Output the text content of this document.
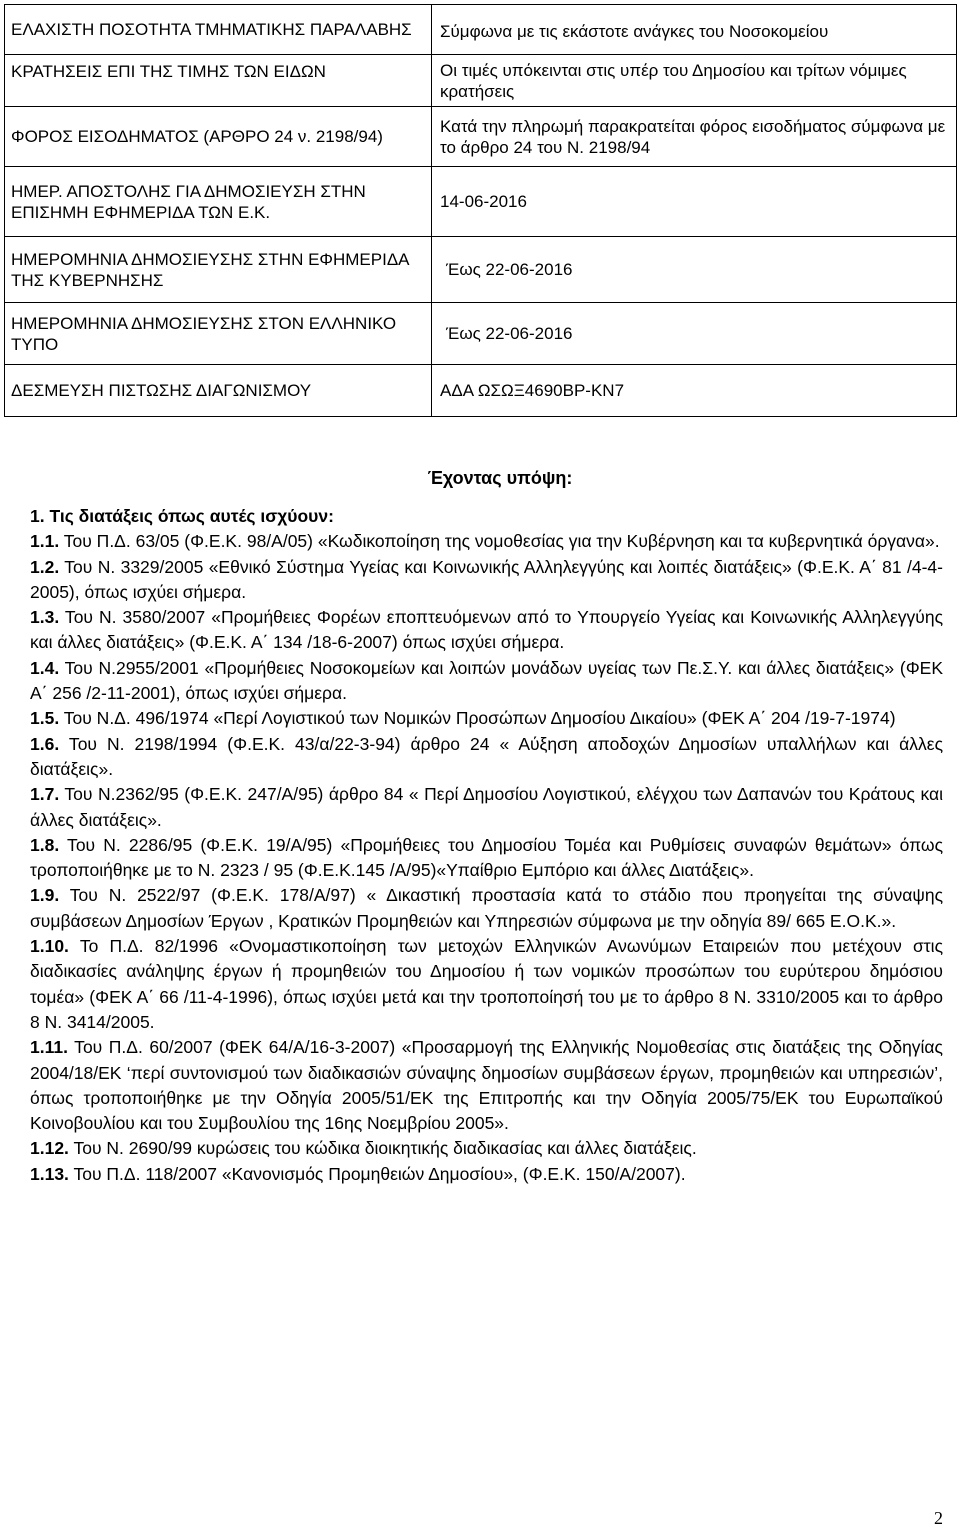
ΕΛΑΧΙΣΤΗ ΠΟΣΟΤΗΤΑ ΤΜΗΜΑΤΙΚΗΣ ΠΑΡΑΛΑΒΗΣ	Σύμφωνα με τις εκάστοτε ανάγκες του Νοσοκομείου
ΚΡΑΤΗΣΕΙΣ ΕΠΙ ΤΗΣ ΤΙΜΗΣ ΤΩΝ ΕΙΔΩΝ	Οι τιμές υπόκεινται στις υπέρ του Δημοσίου και τρίτων νόμιμες κρατήσεις
ΦΟΡΟΣ ΕΙΣΟΔΗΜΑΤΟΣ (ΑΡΘΡΟ 24 ν. 2198/94)	Κατά την πληρωμή παρακρατείται φόρος εισοδήματος σύμφωνα με το άρθρο 24 του Ν. 2198/94
ΗΜΕΡ. ΑΠΟΣΤΟΛΗΣ ΓΙΑ ΔΗΜΟΣΙΕΥΣΗ ΣΤΗΝ ΕΠΙΣΗΜΗ ΕΦΗΜΕΡΙΔΑ ΤΩΝ Ε.Κ.	14-06-2016
ΗΜΕΡΟΜΗΝΙΑ ΔΗΜΟΣΙΕΥΣΗΣ ΣΤΗΝ ΕΦΗΜΕΡΙΔΑ ΤΗΣ ΚΥΒΕΡΝΗΣΗΣ	Έως 22-06-2016
ΗΜΕΡΟΜΗΝΙΑ ΔΗΜΟΣΙΕΥΣΗΣ ΣΤΟΝ ΕΛΛΗΝΙΚΟ ΤΥΠΟ	Έως 22-06-2016
ΔΕΣΜΕΥΣΗ ΠΙΣΤΩΣΗΣ ΔΙΑΓΩΝΙΣΜΟΥ	ΑΔΑ ΩΣΩΞ4690ΒΡ-ΚΝ7
Έχοντας υπόψη:

1. Τις διατάξεις όπως αυτές ισχύουν:

1.1. Του Π.Δ. 63/05 (Φ.Ε.Κ. 98/Α/05) «Κωδικοποίηση της νομοθεσίας για την Κυβέρνηση και τα κυβερνητικά όργανα».

1.2. Του Ν. 3329/2005 «Εθνικό Σύστημα Υγείας και Κοινωνικής Αλληλεγγύης και λοιπές διατάξεις» (Φ.Ε.Κ. Α΄ 81 /4-4-2005), όπως ισχύει σήμερα.

1.3. Του Ν. 3580/2007 «Προμήθειες Φορέων εποπτευόμενων από το Υπουργείο Υγείας και Κοινωνικής Αλληλεγγύης και άλλες διατάξεις» (Φ.Ε.Κ. Α΄ 134 /18-6-2007) όπως ισχύει σήμερα.

1.4. Του Ν.2955/2001 «Προμήθειες Νοσοκομείων και λοιπών μονάδων υγείας των Πε.Σ.Υ. και άλλες διατάξεις» (ΦΕΚ Α΄ 256 /2-11-2001), όπως ισχύει σήμερα.

1.5. Του Ν.Δ. 496/1974 «Περί Λογιστικού των Νομικών Προσώπων Δημοσίου Δικαίου» (ΦΕΚ Α΄ 204 /19-7-1974)

1.6. Του Ν. 2198/1994 (Φ.Ε.Κ. 43/α/22-3-94) άρθρο 24 « Αύξηση αποδοχών Δημοσίων υπαλλήλων και άλλες διατάξεις».

1.7. Του Ν.2362/95 (Φ.Ε.Κ. 247/Α/95) άρθρο 84 « Περί Δημοσίου Λογιστικού, ελέγχου των Δαπανών του Κράτους και άλλες διατάξεις».

1.8. Του Ν. 2286/95 (Φ.Ε.Κ. 19/Α/95) «Προμήθειες του Δημοσίου Τομέα και Ρυθμίσεις συναφών θεμάτων» όπως τροποποιήθηκε με το Ν. 2323 / 95 (Φ.Ε.Κ.145 /Α/95)«Υπαίθριο Εμπόριο και άλλες Διατάξεις».

1.9. Του Ν. 2522/97 (Φ.Ε.Κ. 178/Α/97) « Δικαστική προστασία κατά το στάδιο που προηγείται της σύναψης συμβάσεων Δημοσίων Έργων , Κρατικών Προμηθειών και Υπηρεσιών σύμφωνα με την οδηγία 89/ 665 Ε.Ο.Κ.».

1.10. Το Π.Δ. 82/1996 «Ονομαστικοποίηση των μετοχών Ελληνικών Ανωνύμων Εταιρειών που μετέχουν στις διαδικασίες ανάληψης έργων ή προμηθειών του Δημοσίου ή των νομικών προσώπων του ευρύτερου δημόσιου τομέα» (ΦΕΚ Α΄ 66 /11-4-1996), όπως ισχύει μετά και την τροποποίησή του με το άρθρο 8 Ν. 3310/2005 και το άρθρο 8 Ν. 3414/2005.

1.11. Του Π.Δ. 60/2007 (ΦΕΚ 64/Α/16-3-2007) «Προσαρμογή της Ελληνικής Νομοθεσίας στις διατάξεις της Οδηγίας 2004/18/ΕΚ ‘περί συντονισμού των διαδικασιών σύναψης δημοσίων συμβάσεων έργων, προμηθειών και υπηρεσιών’, όπως τροποποιήθηκε με την Οδηγία 2005/51/ΕΚ της Επιτροπής και την Οδηγία 2005/75/ΕΚ του Ευρωπαϊκού Κοινοβουλίου και του Συμβουλίου της 16ης Νοεμβρίου 2005».

1.12. Του Ν. 2690/99 κυρώσεις του κώδικα διοικητικής διαδικασίας και άλλες διατάξεις.

1.13. Του Π.Δ. 118/2007 «Κανονισμός Προμηθειών Δημοσίου», (Φ.Ε.Κ. 150/Α/2007).

2
